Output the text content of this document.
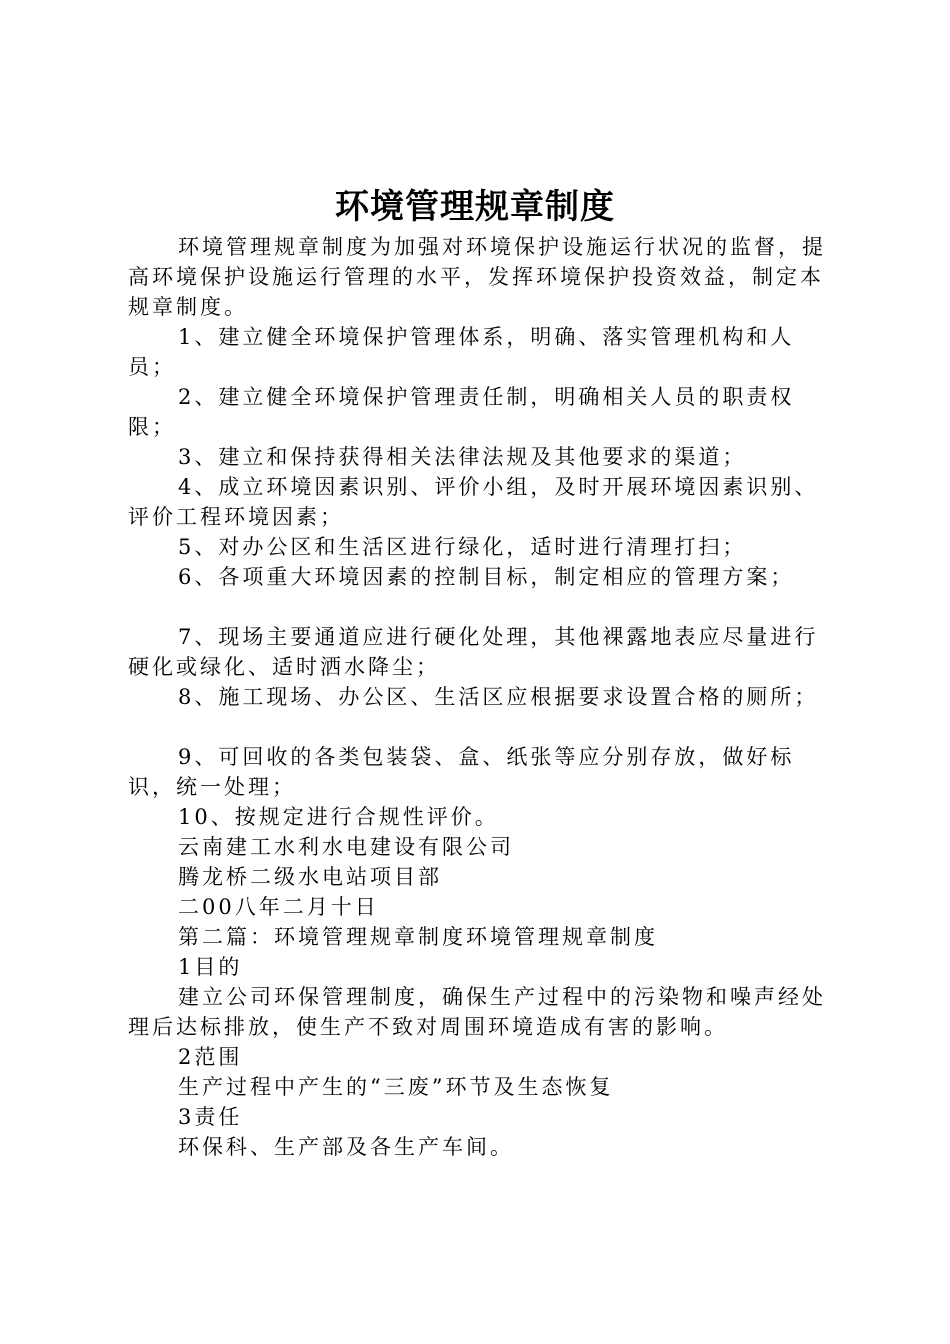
环境管理规章制度

环境管理规章制度为加强对环境保护设施运行状况的监督，提高环境保护设施运行管理的水平，发挥环境保护投资效益，制定本规章制度。

1、建立健全环境保护管理体系，明确、落实管理机构和人员；

2、建立健全环境保护管理责任制，明确相关人员的职责权限；

3、建立和保持获得相关法律法规及其他要求的渠道；

4、成立环境因素识别、评价小组，及时开展环境因素识别、评价工程环境因素；

5、对办公区和生活区进行绿化，适时进行清理打扫；

6、各项重大环境因素的控制目标，制定相应的管理方案；

7、现场主要通道应进行硬化处理，其他裸露地表应尽量进行硬化或绿化、适时洒水降尘；

8、施工现场、办公区、生活区应根据要求设置合格的厕所；

9、可回收的各类包装袋、盒、纸张等应分别存放，做好标识，统一处理；

10、按规定进行合规性评价。

云南建工水利水电建设有限公司

腾龙桥二级水电站项目部

二00八年二月十日

第二篇：环境管理规章制度环境管理规章制度

1目的

建立公司环保管理制度，确保生产过程中的污染物和噪声经处理后达标排放，使生产不致对周围环境造成有害的影响。

2范围

生产过程中产生的“三废”环节及生态恢复

3责任

环保科、生产部及各生产车间。
